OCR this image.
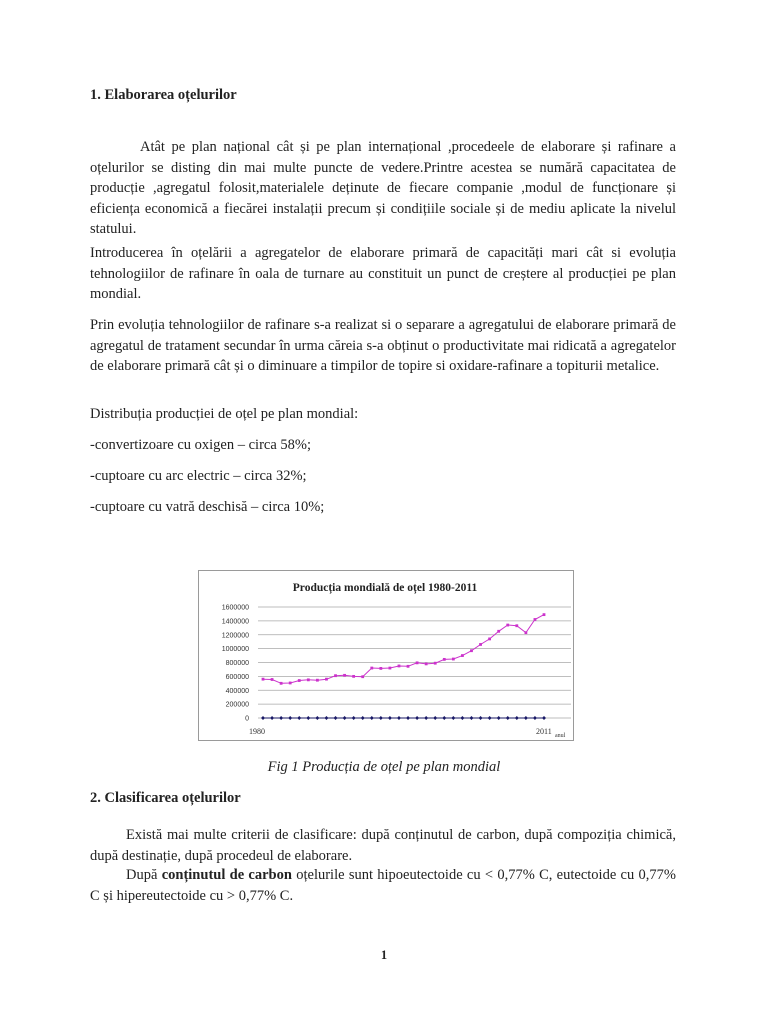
1. Elaborarea oțelurilor

Atât pe plan național cât și pe plan internațional ,procedeele de elaborare și rafinare a oțelurilor se disting din mai multe puncte de vedere.Printre acestea se numără capacitatea de producție ,agregatul folosit,materialele deținute de fiecare companie ,modul de funcționare și eficiența economică a fiecărei instalații precum și condițiile sociale și de mediu aplicate la nivelul statului.

Introducerea în oțelării a agregatelor de elaborare primară de capacități mari cât si evoluția tehnologiilor de rafinare în oala de turnare au constituit un punct de creștere al producției pe plan mondial.

Prin evoluția tehnologiilor de rafinare s-a realizat si o separare a agregatului de elaborare primară de agregatul de tratament secundar în urma căreia s-a obținut o productivitate mai ridicată a agregatelor de elaborare primară cât și o diminuare a timpilor de topire si oxidare-rafinare a topiturii metalice.

Distribuția producției de oțel pe plan mondial:

-convertizoare cu oxigen – circa 58%;

-cuptoare cu arc electric – circa 32%;

-cuptoare cu vatră deschisă – circa 10%;

Producția mondială de oțel 1980-2011
0
200000
400000
600000
800000
1000000
1200000
1400000
1600000
1980	2011 anul
Fig 1 Producția de oțel pe plan mondial
2. Clasificarea oțelurilor

Există mai multe criterii de clasificare: după conținutul de carbon, după compoziția chimică, după destinație, după procedeul de elaborare.

După conținutul de carbon oțelurile sunt hipoeutectoide cu < 0,77% C, eutectoide cu 0,77% C și hipereutectoide cu > 0,77% C.

1
